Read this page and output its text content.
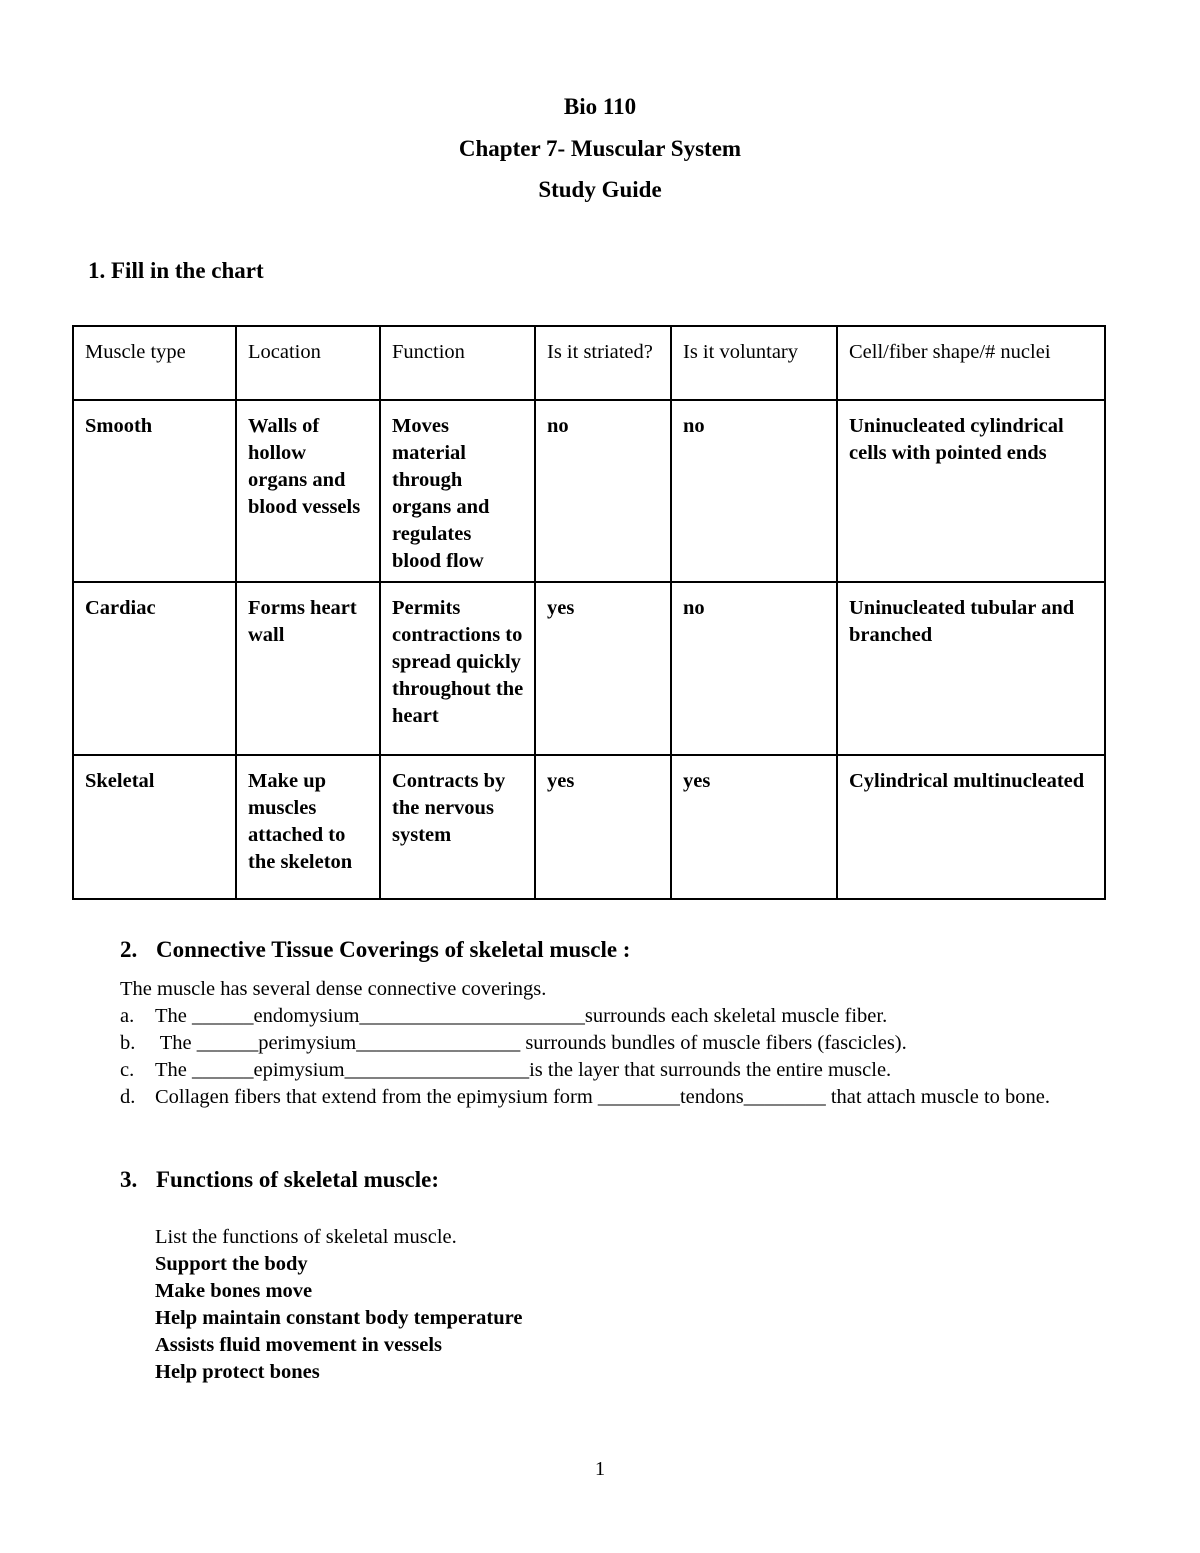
Bio 110
Chapter 7- Muscular System
Study Guide
1. Fill in the chart
Muscle type	Location	Function	Is it striated?	Is it voluntary	Cell/fiber shape/# nuclei
Smooth	Walls of hollow organs and blood vessels	Moves material through organs and regulates blood flow	no	no	Uninucleated cylindrical cells with pointed ends
Cardiac	Forms heart wall	Permits contractions to spread quickly throughout the heart	yes	no	Uninucleated tubular and branched
Skeletal	Make up muscles attached to the skeleton	Contracts by the nervous system	yes	yes	Cylindrical multinucleated
2. Connective Tissue Coverings of skeletal muscle :
The muscle has several dense connective coverings.
a.	The ______endomysium______________________surrounds each skeletal muscle fiber.
b. The ______perimysium________________ surrounds bundles of muscle fibers (fascicles).
c.	The ______epimysium__________________is the layer that surrounds the entire muscle.
d. Collagen fibers that extend from the epimysium form ________tendons________ that attach muscle to bone.
3. Functions of skeletal muscle:
List the functions of skeletal muscle.
Support the body
Make bones move
Help maintain constant body temperature
Assists fluid movement in vessels
Help protect bones
1
